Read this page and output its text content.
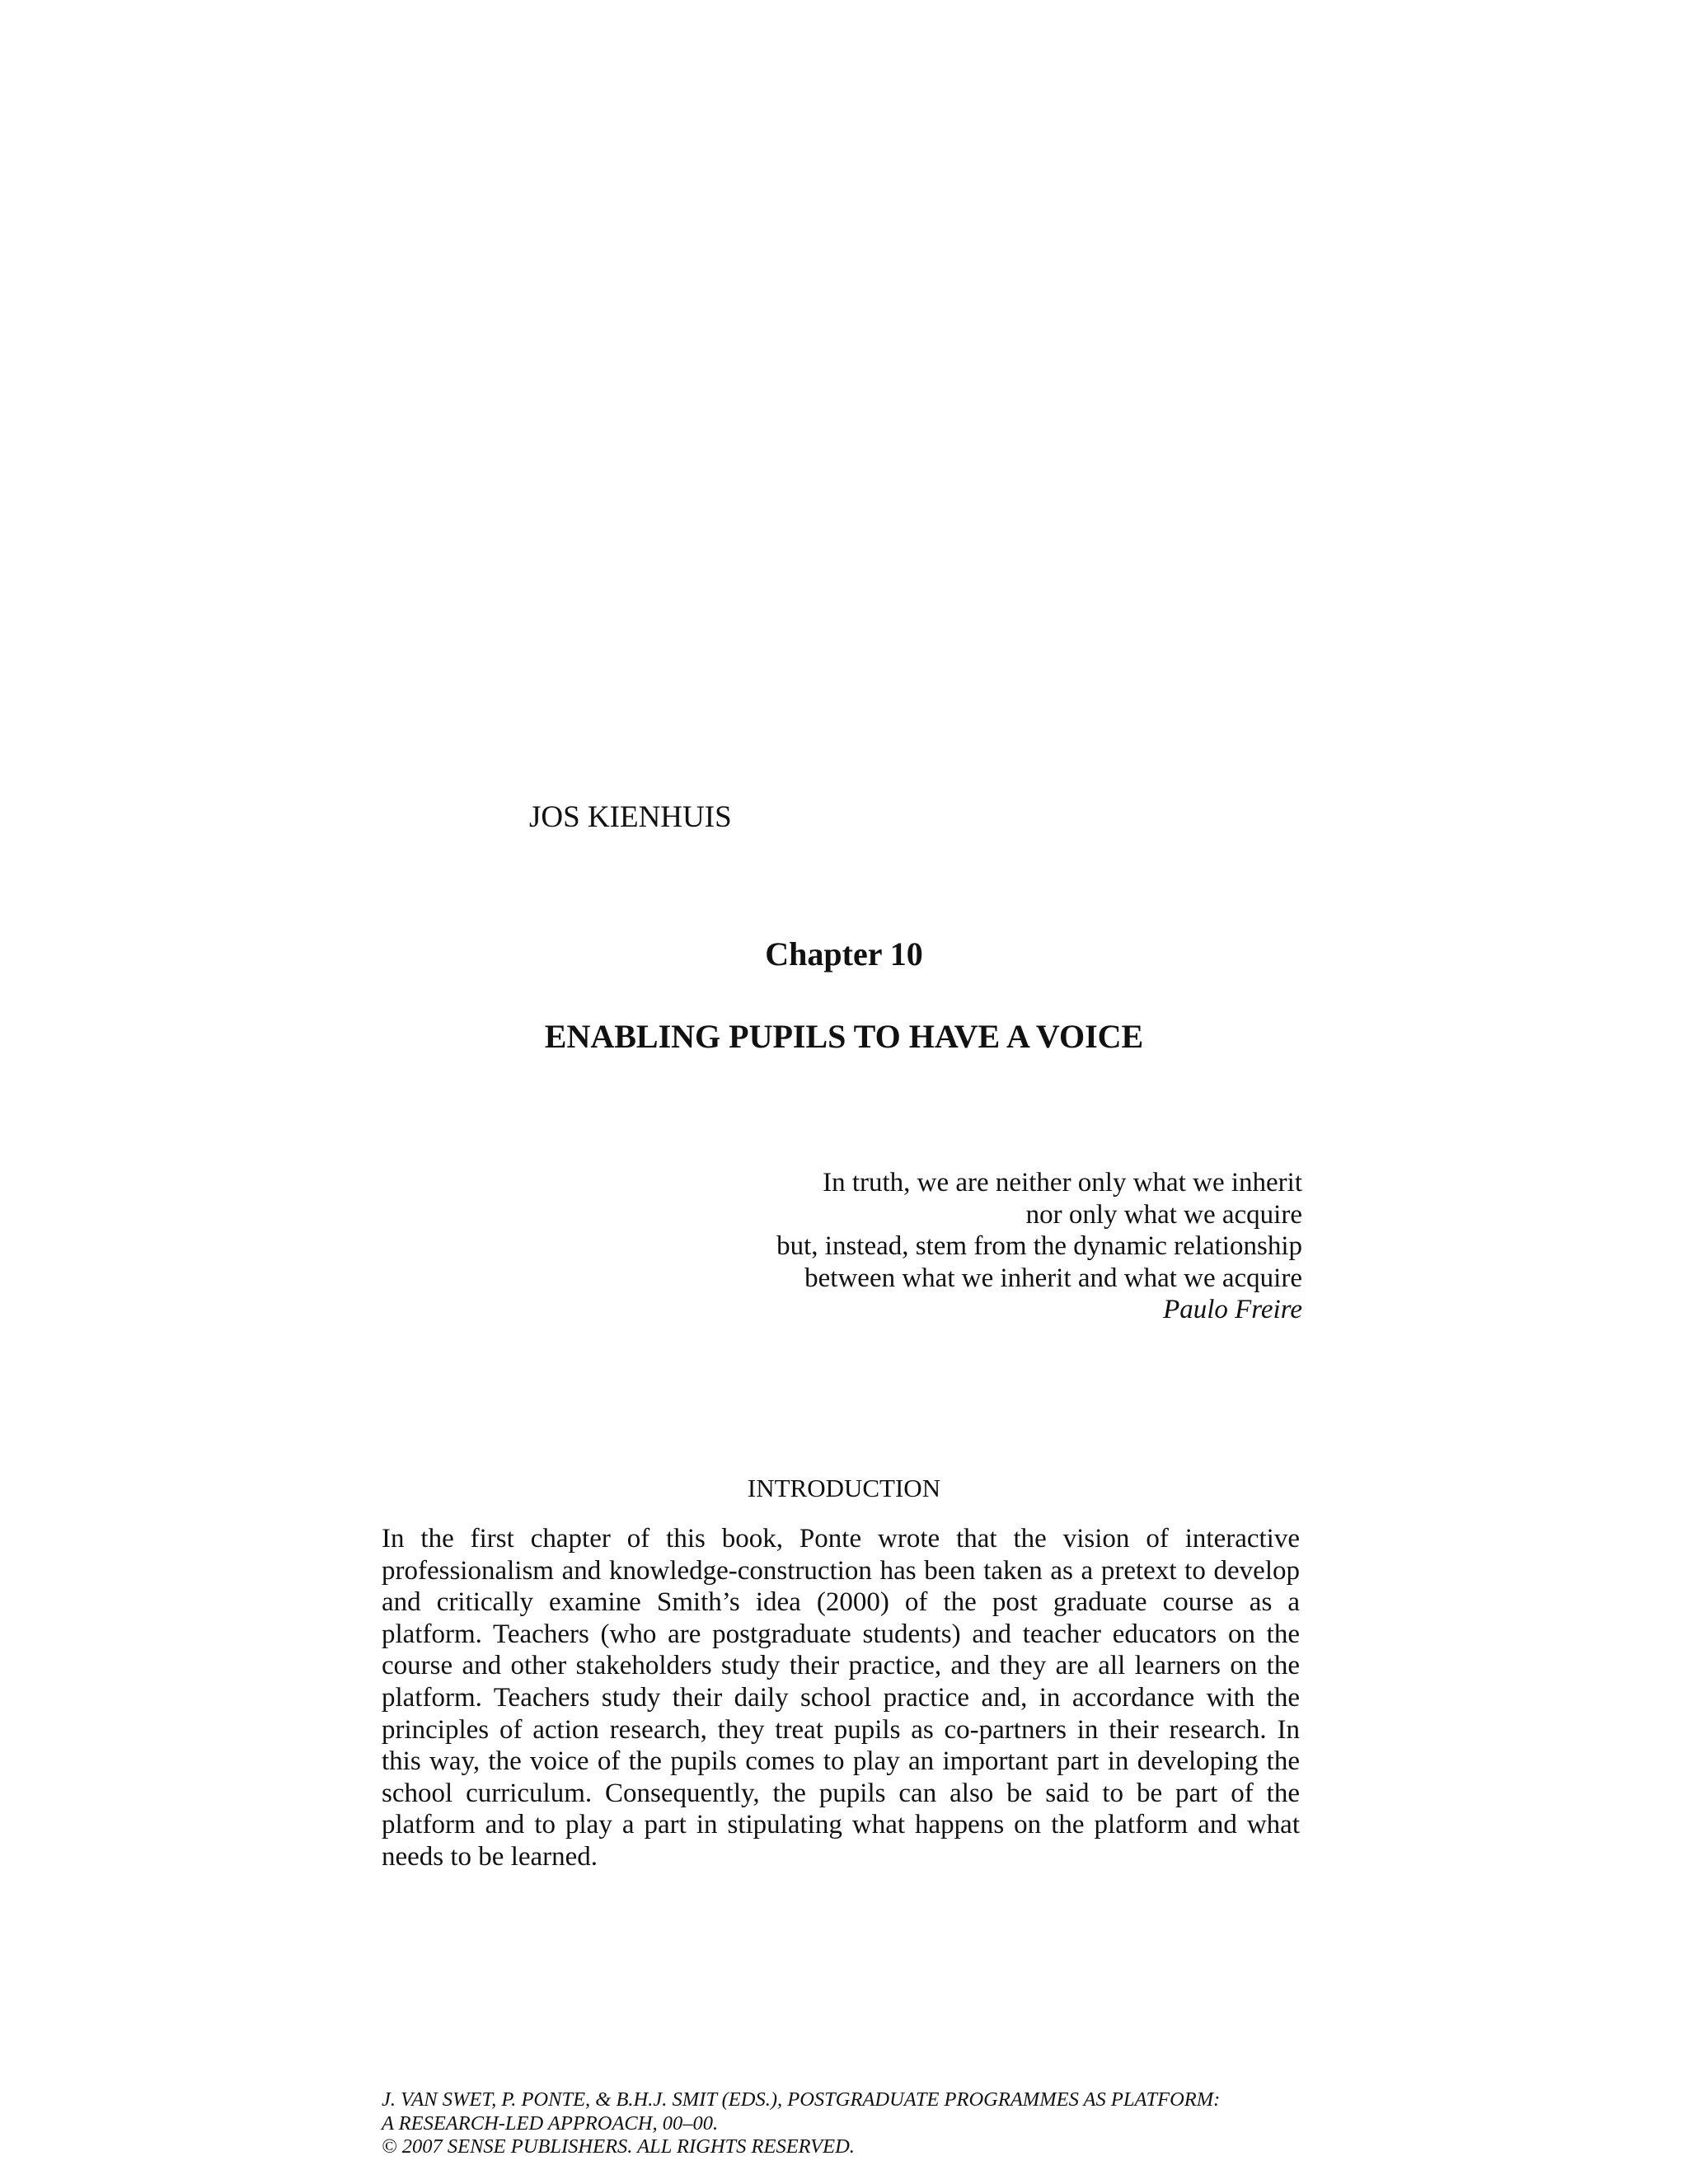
JOS KIENHUIS
Chapter 10
ENABLING PUPILS TO HAVE A VOICE
In truth, we are neither only what we inherit
nor only what we acquire
but, instead, stem from the dynamic relationship
between what we inherit and what we acquire
Paulo Freire
INTRODUCTION

In the first chapter of this book, Ponte wrote that the vision of interactive professionalism and knowledge-construction has been taken as a pretext to develop and critically examine Smith’s idea (2000) of the post graduate course as a platform. Teachers (who are postgraduate students) and teacher educators on the course and other stakeholders study their practice, and they are all learners on the platform. Teachers study their daily school practice and, in accordance with the principles of action research, they treat pupils as co-partners in their research. In this way, the voice of the pupils comes to play an important part in developing the school curriculum. Consequently, the pupils can also be said to be part of the platform and to play a part in stipulating what happens on the platform and what needs to be learned.

J. VAN SWET, P. PONTE, & B.H.J. SMIT (EDS.), POSTGRADUATE PROGRAMMES AS PLATFORM:
A RESEARCH-LED APPROACH, 00–00.
© 2007 SENSE PUBLISHERS. ALL RIGHTS RESERVED.
